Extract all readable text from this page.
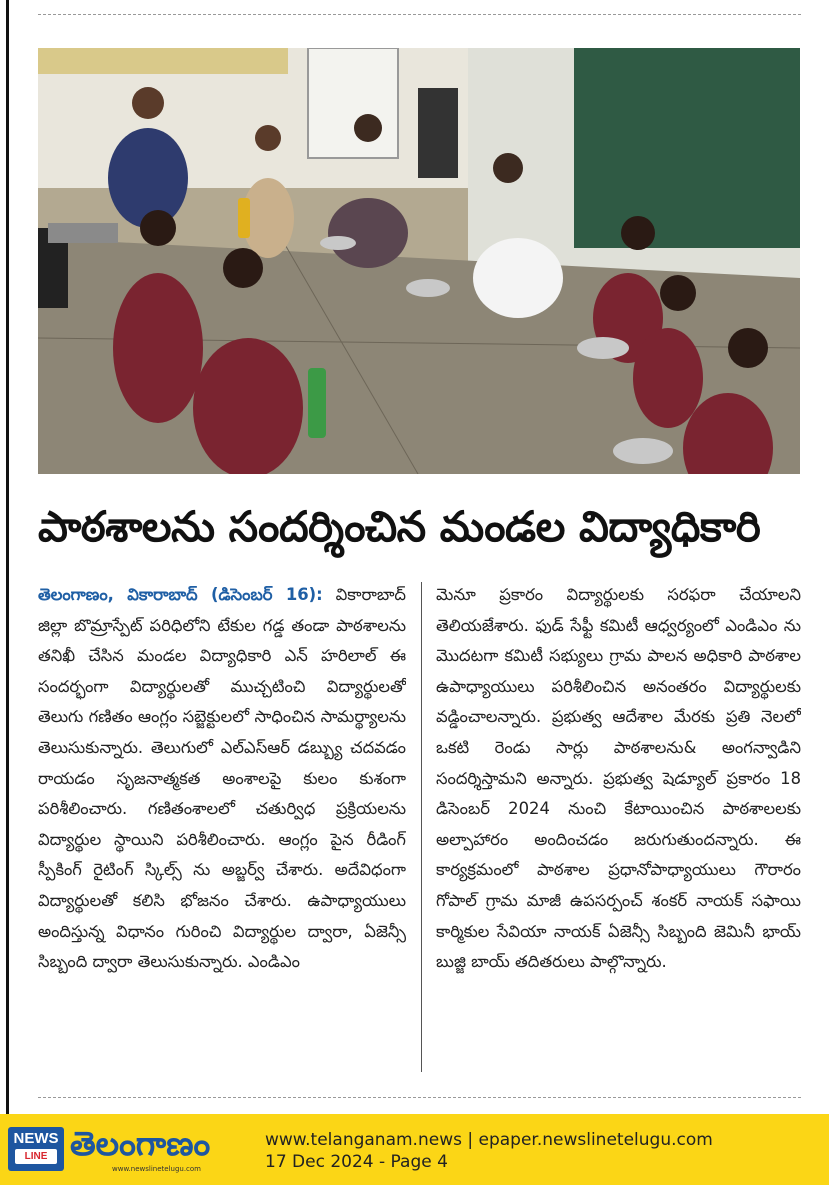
పాఠశాలను సందర్శించిన మండల విద్యాధికారి
తెలంగాణం, వికారాబాద్ (డిసెంబర్ 16): వికారాబాద్ జిల్లా బొమ్రాస్పేట్ పరిధిలోని టేకుల గడ్డ తండా పాఠశాలను తనిఖీ చేసిన మండల విద్యాధికారి ఎన్ హరిలాల్ ఈ సందర్భంగా విద్యార్థులతో ముచ్చటించి విద్యార్థులతో తెలుగు గణితం ఆంగ్లం సబ్జెక్టులలో సాధించిన సామర్థ్యాలను తెలుసుకున్నారు. తెలుగులో ఎల్ఎస్ఆర్ డబ్బ్యు చదవడం రాయడం సృజనాత్మకత అంశాలపై కులం కుశంగా పరిశీలించారు. గణితంశాలలో చతుర్విధ ప్రక్రియలను విద్యార్థుల స్థాయిని పరిశీలించారు. ఆంగ్లం పైన రీడింగ్ స్పీకింగ్ రైటింగ్ స్కిల్స్ ను అబ్జర్వ్ చేశారు. అదేవిధంగా విద్యార్థులతో కలిసి భోజనం చేశారు. ఉపాధ్యాయులు అందిస్తున్న విధానం గురించి విద్యార్థుల ద్వారా, ఏజెన్సీ సిబ్బంది ద్వారా తెలుసుకున్నారు. ఎండిఎం
మెనూ ప్రకారం విద్యార్థులకు సరఫరా చేయాలని తెలియజేశారు. ఫుడ్ సేఫ్టీ కమిటీ ఆధ్వర్యంలో ఎండిఎం ను మొదటగా కమిటీ సభ్యులు గ్రామ పాలన అధికారి పాఠశాల ఉపాధ్యాయులు పరిశీలించిన అనంతరం విద్యార్థులకు వడ్డించాలన్నారు. ప్రభుత్వ ఆదేశాల మేరకు ప్రతి నెలలో ఒకటి రెండు సార్లు పాఠశాలను& అంగన్వాడిని సందర్శిస్తామని అన్నారు. ప్రభుత్వ షెడ్యూల్ ప్రకారం 18 డిసెంబర్ 2024 నుంచి కేటాయించిన పాఠశాలలకు అల్పాహారం అందించడం జరుగుతుందన్నారు. ఈ కార్యక్రమంలో పాఠశాల ప్రధానోపాధ్యాయులు గౌరారం గోపాల్ గ్రామ మాజీ ఉపసర్పంచ్ శంకర్ నాయక్ సఫాయి కార్మికుల సేవియా నాయక్ ఏజెన్సీ సిబ్బంది జెమినీ భాయ్ బుజ్జి బాయ్ తదితరులు పాల్గొన్నారు.
NEWS
LINE తెలంగాణం
www.newslinetelugu.com
www.telanganam.news | epaper.newslinetelugu.com
17 Dec 2024 - Page 4
